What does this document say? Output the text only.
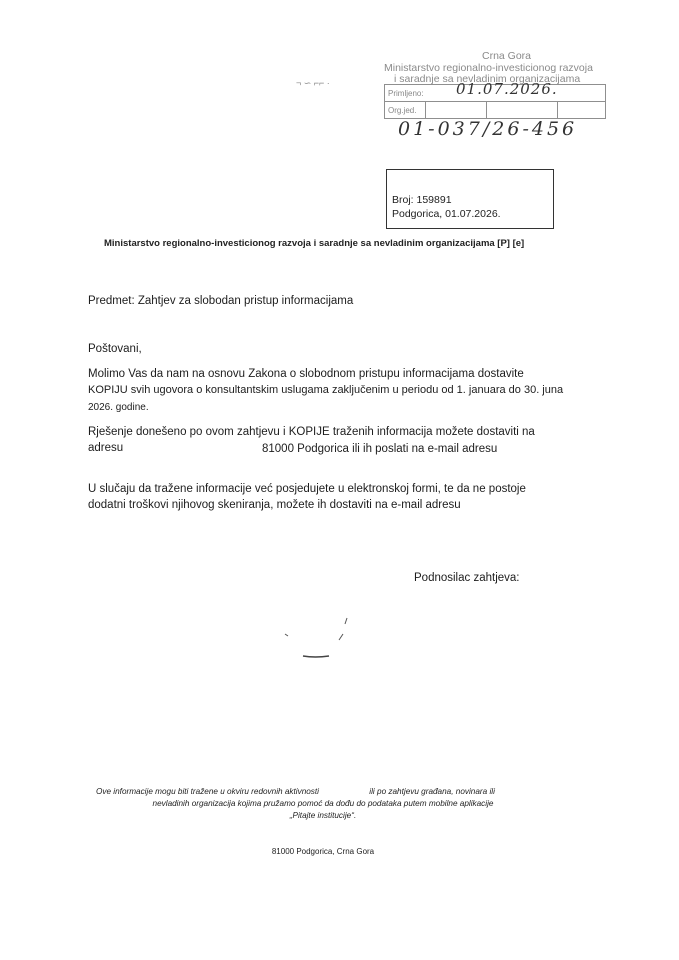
Crna Gora
Ministarstvo regionalno-investicionog razvoja
i saradnje sa nevladinim organizacijama
Primljeno:
Org.jed.			
01.07.2026.
01-037/26-456
¬ ∽ ⌐⌐ ·
Broj: 159891
Podgorica, 01.07.2026.
Ministarstvo regionalno-investicionog razvoja i saradnje sa nevladinim organizacijama [P] [e]
Predmet: Zahtjev za slobodan pristup informacijama
Poštovani,
Molimo Vas da nam na osnovu Zakona o slobodnom pristupu informacijama dostavite
KOPIJU svih ugovora o konsultantskim uslugama zaključenim u periodu od 1. januara do 30. juna
2026. godine.
Rješenje donešeno po ovom zahtjevu i KOPIJE traženih informacija možete dostaviti na
adresu	81000 Podgorica ili ih poslati na e-mail adresu
U slučaju da tražene informacije već posjedujete u elektronskoj formi, te da ne postoje
dodatni troškovi njihovog skeniranja, možete ih dostaviti na e-mail adresu
Podnosilac zahtjeva:
Ove informacije mogu biti tražene u okviru redovnih aktivnosti	ili po zahtjevu građana, novinara ili
nevladinih organizacija kojima pružamo pomoć da dođu do podataka putem mobilne aplikacije
„Pitajte institucije“.
81000 Podgorica, Crna Gora
